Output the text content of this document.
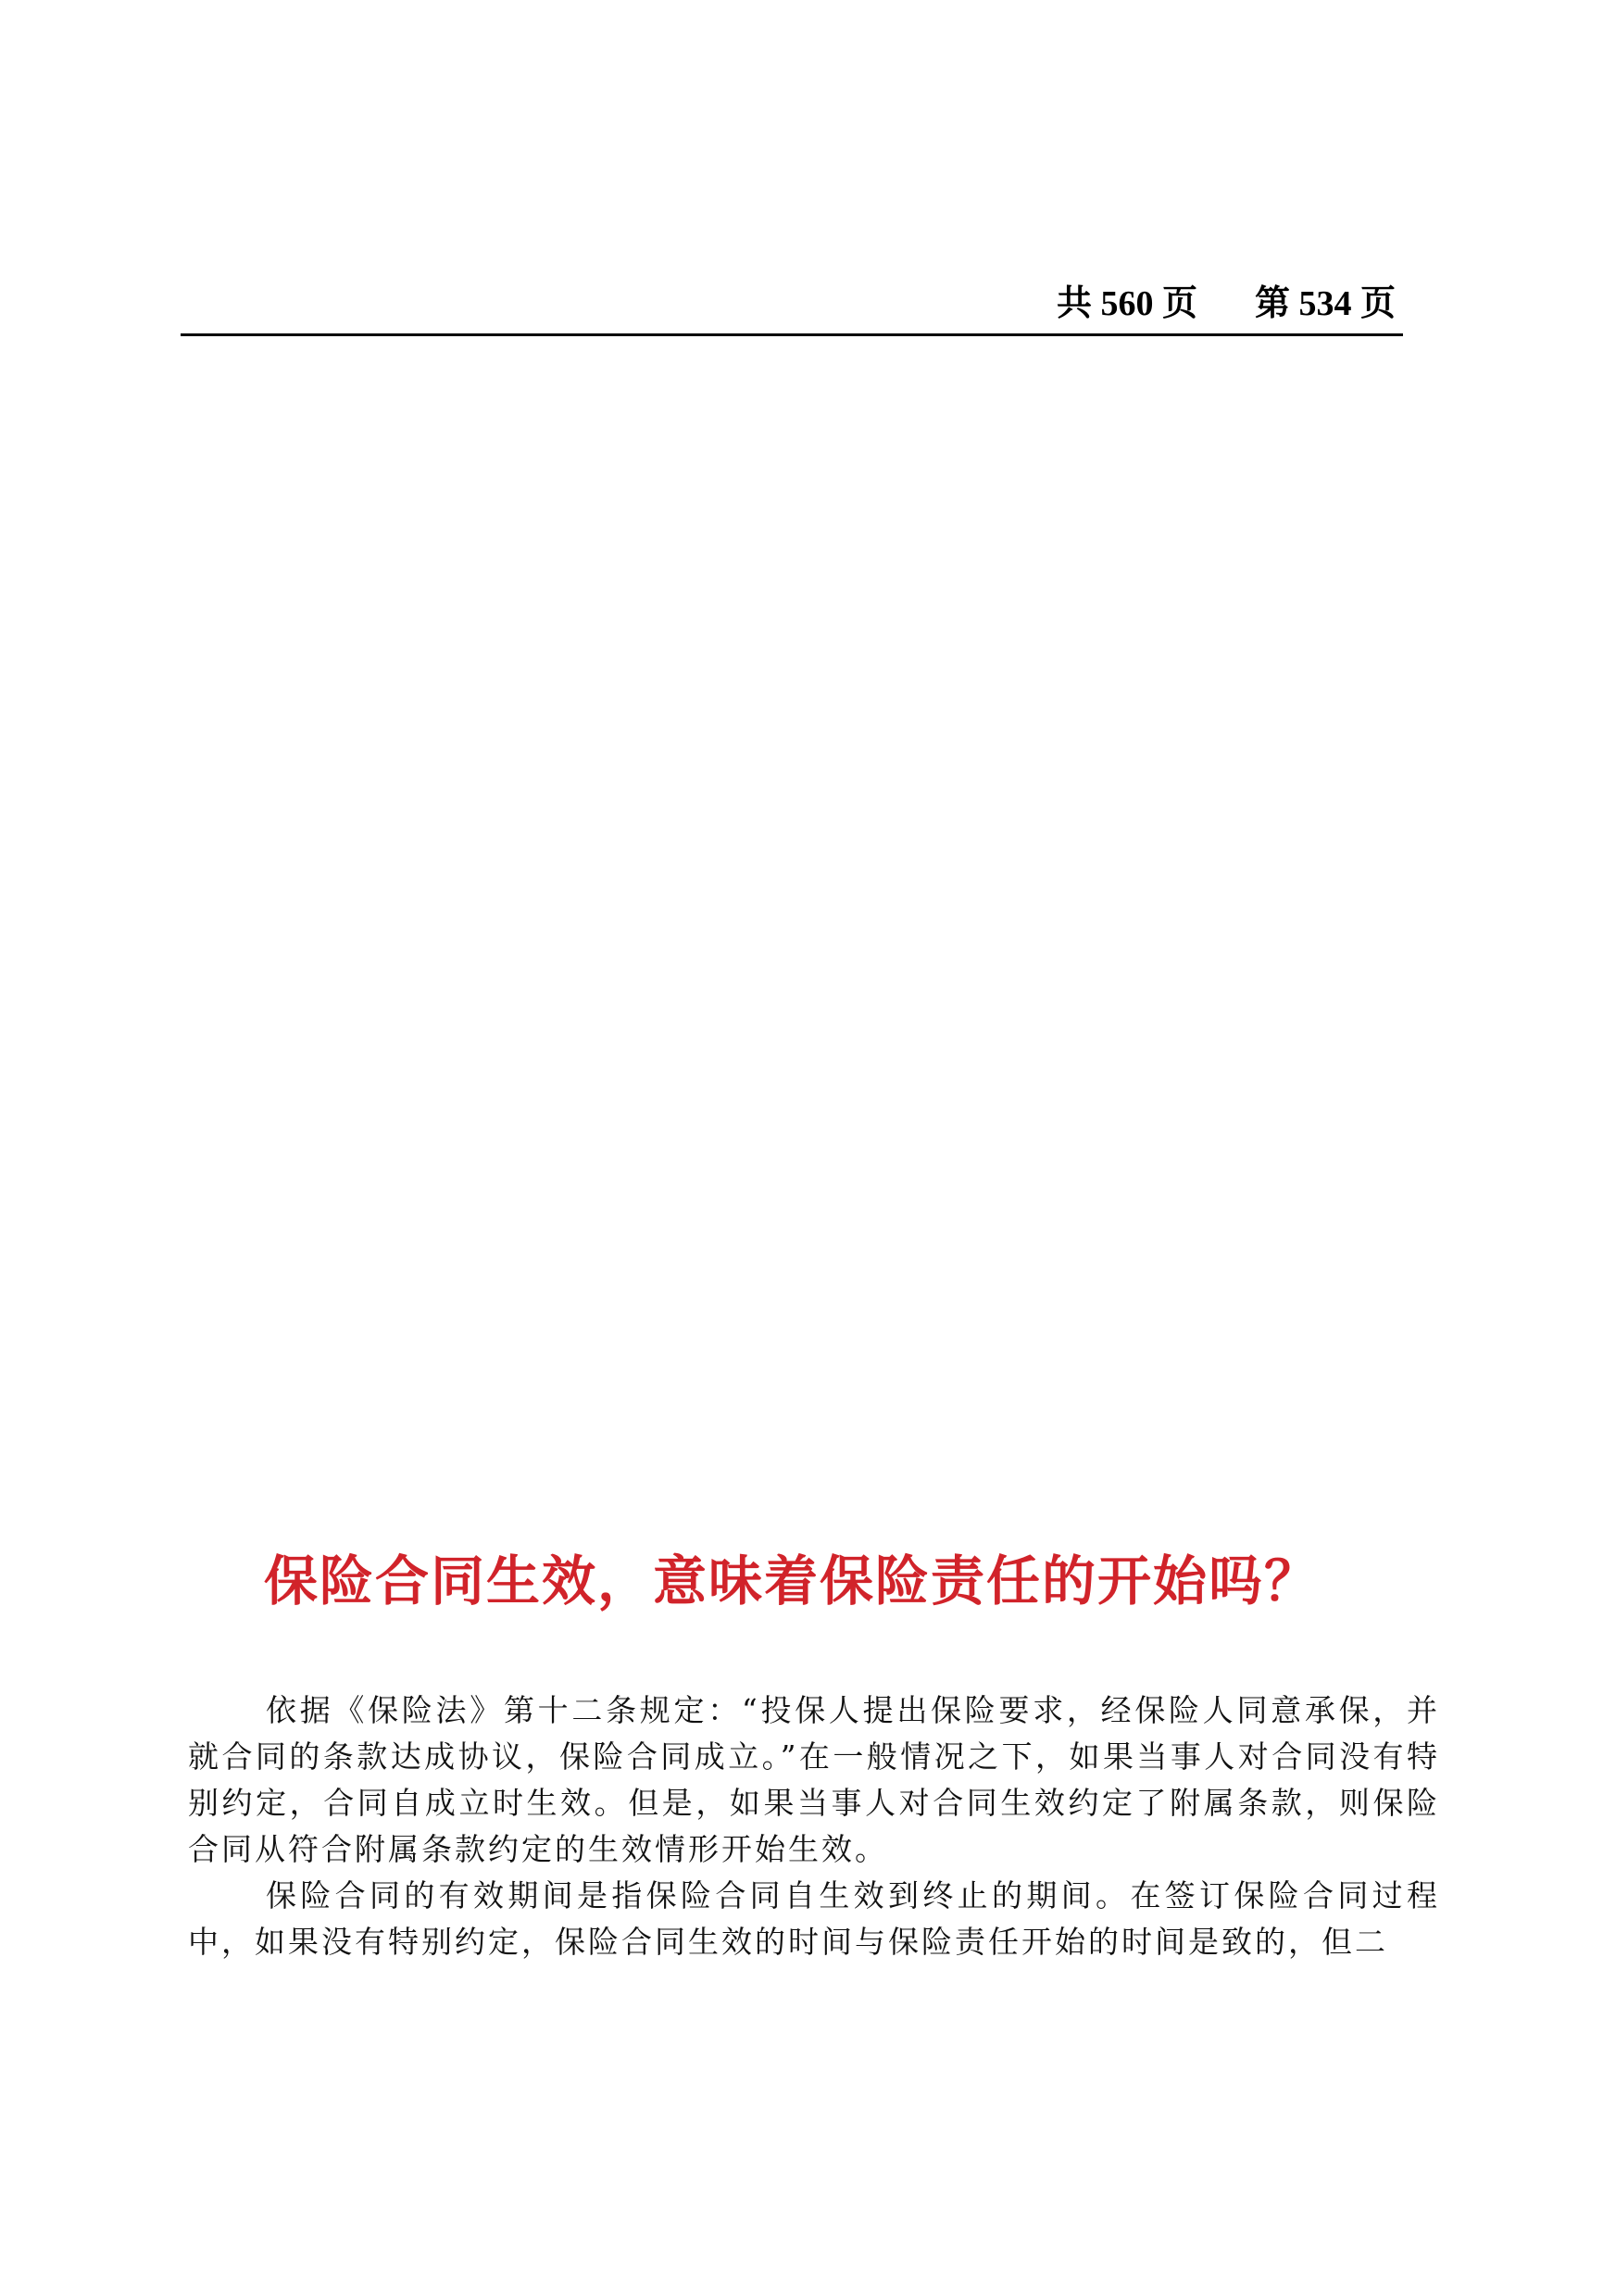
共 560 页 第 534 页
保险合同生效，意味着保险责任的开始吗？

依据《保险法》第十二条规定：“投保人提出保险要求，经保险人同意承保，并就合同的条款达成协议，保险合同成立。”在一般情况之下，如果当事人对合同没有特别约定，合同自成立时生效。但是，如果当事人对合同生效约定了附属条款，则保险合同从符合附属条款约定的生效情形开始生效。

保险合同的有效期间是指保险合同自生效到终止的期间。在签订保险合同过程中，如果没有特别约定，保险合同生效的时间与保险责任开始的时间是致的，但二
